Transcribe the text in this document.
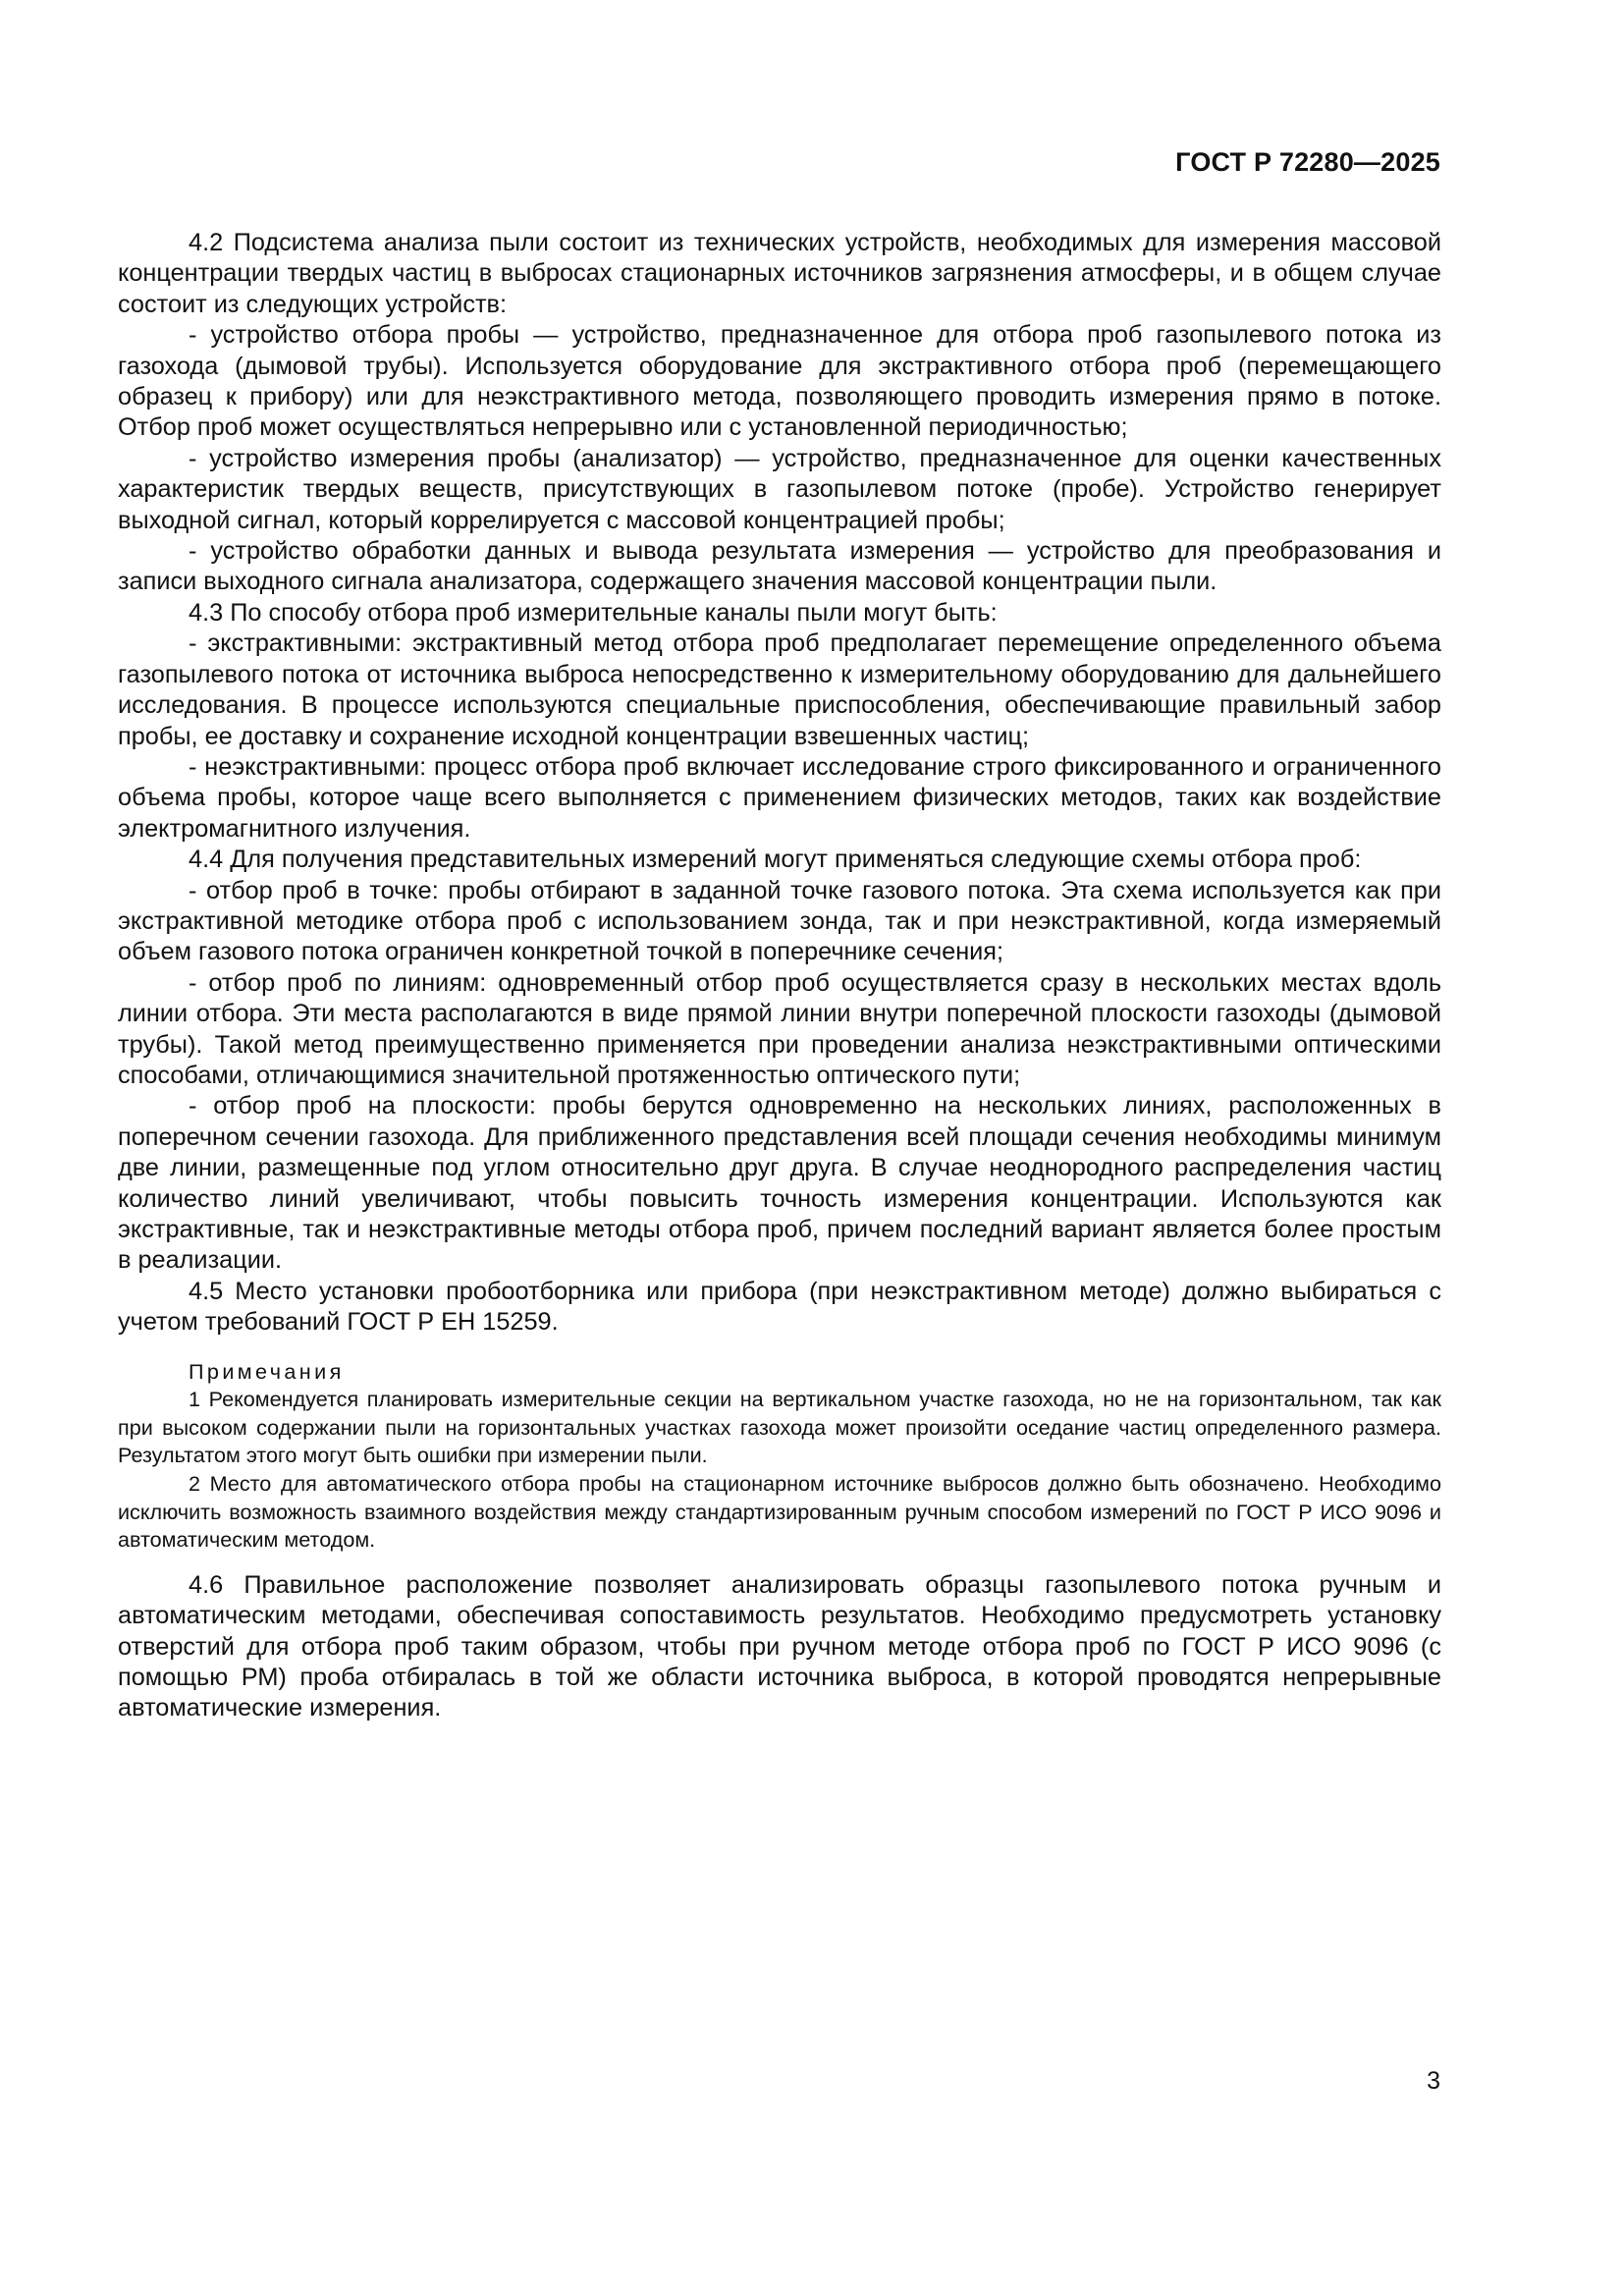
ГОСТ Р 72280—2025

4.2 Подсистема анализа пыли состоит из технических устройств, необходимых для измерения массовой концентрации твердых частиц в выбросах стационарных источников загрязнения атмосферы, и в общем случае состоит из следующих устройств:

- устройство отбора пробы — устройство, предназначенное для отбора проб газопылевого потока из газохода (дымовой трубы). Используется оборудование для экстрактивного отбора проб (перемещающего образец к прибору) или для неэкстрактивного метода, позволяющего проводить измерения прямо в потоке. Отбор проб может осуществляться непрерывно или с установленной периодичностью;

- устройство измерения пробы (анализатор) — устройство, предназначенное для оценки качественных характеристик твердых веществ, присутствующих в газопылевом потоке (пробе). Устройство генерирует выходной сигнал, который коррелируется с массовой концентрацией пробы;

- устройство обработки данных и вывода результата измерения — устройство для преобразования и записи выходного сигнала анализатора, содержащего значения массовой концентрации пыли.

4.3 По способу отбора проб измерительные каналы пыли могут быть:

- экстрактивными: экстрактивный метод отбора проб предполагает перемещение определенного объема газопылевого потока от источника выброса непосредственно к измерительному оборудованию для дальнейшего исследования. В процессе используются специальные приспособления, обеспечивающие правильный забор пробы, ее доставку и сохранение исходной концентрации взвешенных частиц;

- неэкстрактивными: процесс отбора проб включает исследование строго фиксированного и ограниченного объема пробы, которое чаще всего выполняется с применением физических методов, таких как воздействие электромагнитного излучения.

4.4 Для получения представительных измерений могут применяться следующие схемы отбора проб:

- отбор проб в точке: пробы отбирают в заданной точке газового потока. Эта схема используется как при экстрактивной методике отбора проб с использованием зонда, так и при неэкстрактивной, когда измеряемый объем газового потока ограничен конкретной точкой в поперечнике сечения;

- отбор проб по линиям: одновременный отбор проб осуществляется сразу в нескольких местах вдоль линии отбора. Эти места располагаются в виде прямой линии внутри поперечной плоскости газоходы (дымовой трубы). Такой метод преимущественно применяется при проведении анализа неэкстрактивными оптическими способами, отличающимися значительной протяженностью оптического пути;

- отбор проб на плоскости: пробы берутся одновременно на нескольких линиях, расположенных в поперечном сечении газохода. Для приближенного представления всей площади сечения необходимы минимум две линии, размещенные под углом относительно друг друга. В случае неоднородного распределения частиц количество линий увеличивают, чтобы повысить точность измерения концентрации. Используются как экстрактивные, так и неэкстрактивные методы отбора проб, причем последний вариант является более простым в реализации.

4.5 Место установки пробоотборника или прибора (при неэкстрактивном методе) должно выбираться с учетом требований ГОСТ Р ЕН 15259.

Примечания

1 Рекомендуется планировать измерительные секции на вертикальном участке газохода, но не на горизонтальном, так как при высоком содержании пыли на горизонтальных участках газохода может произойти оседание частиц определенного размера. Результатом этого могут быть ошибки при измерении пыли.

2 Место для автоматического отбора пробы на стационарном источнике выбросов должно быть обозначено. Необходимо исключить возможность взаимного воздействия между стандартизированным ручным способом измерений по ГОСТ Р ИСО 9096 и автоматическим методом.

4.6 Правильное расположение позволяет анализировать образцы газопылевого потока ручным и автоматическим методами, обеспечивая сопоставимость результатов. Необходимо предусмотреть установку отверстий для отбора проб таким образом, чтобы при ручном методе отбора проб по ГОСТ Р ИСО 9096 (с помощью РМ) проба отбиралась в той же области источника выброса, в которой проводятся непрерывные автоматические измерения.

3
